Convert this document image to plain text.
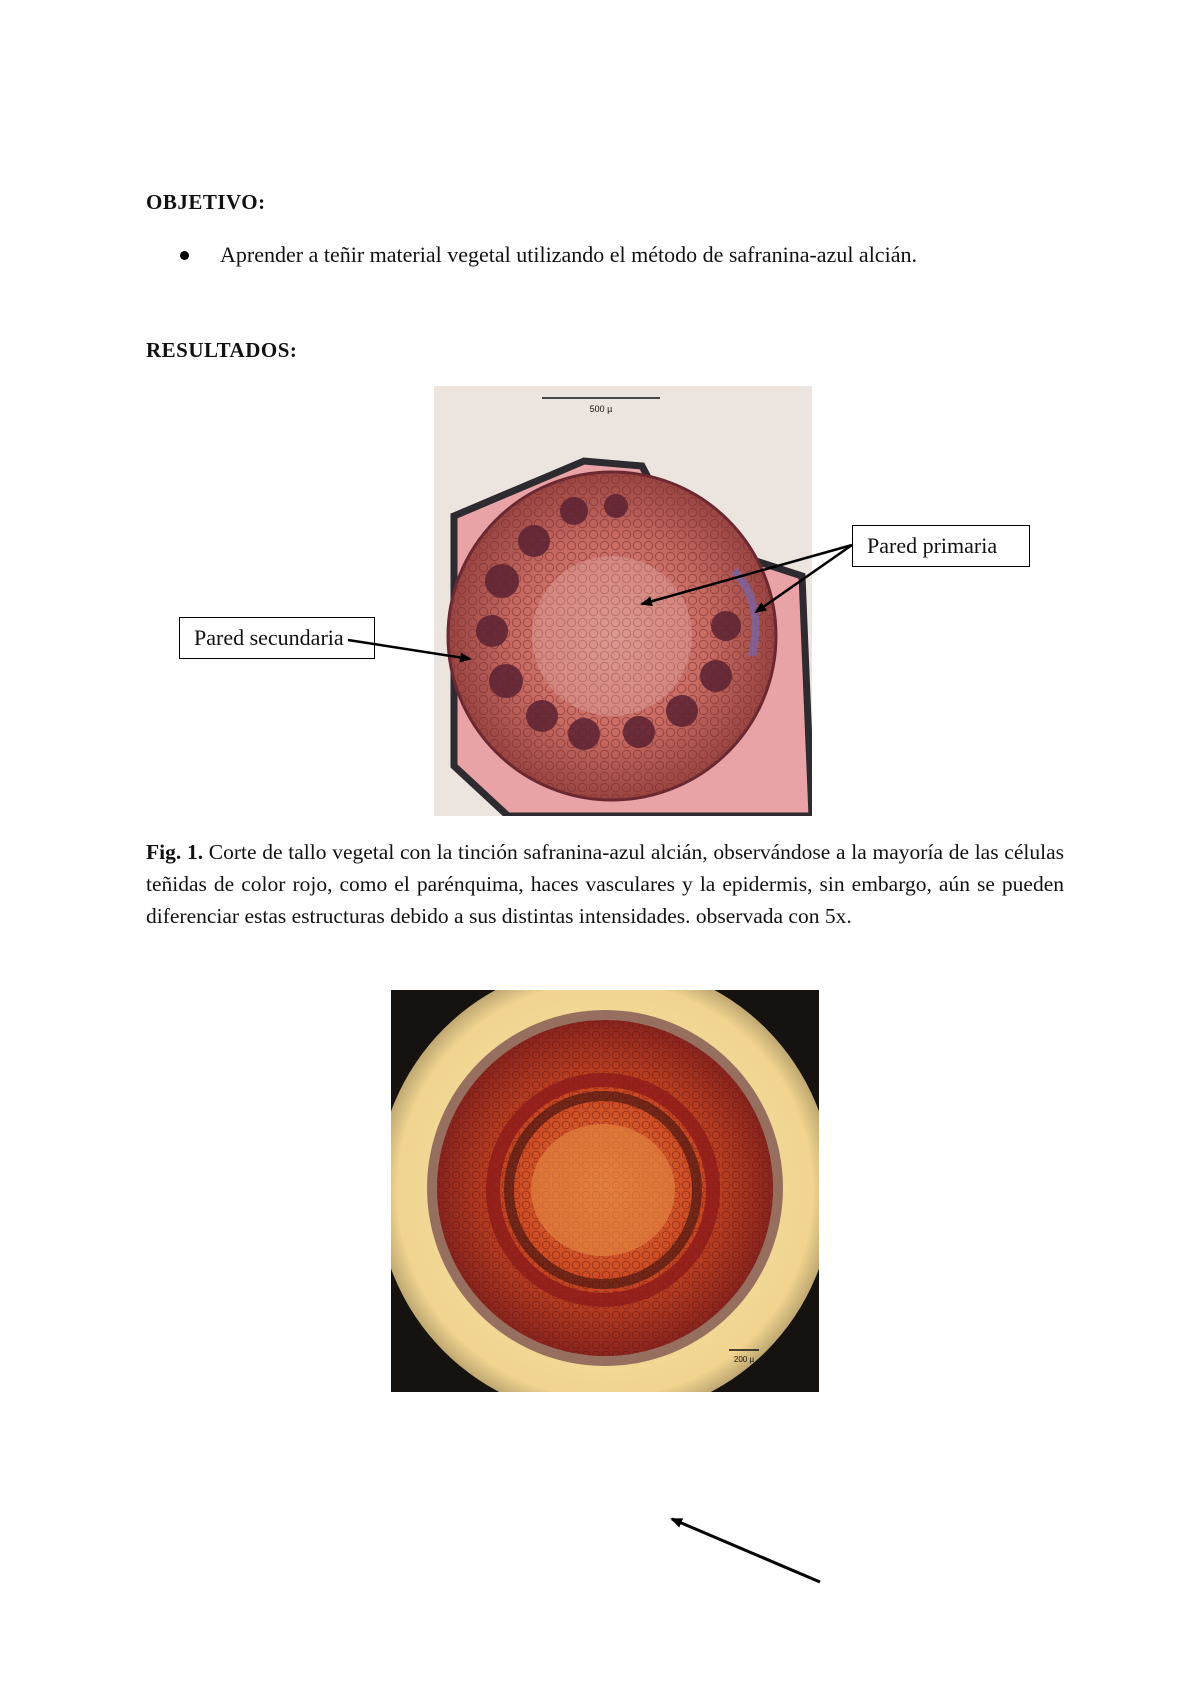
OBJETIVO:
Aprender a teñir material vegetal utilizando el método de safranina-azul alcián.
RESULTADOS:
500 µ
Pared secundaria
Pared primaria
Fig. 1. Corte de tallo vegetal con la tinción safranina-azul alcián, observándose a la mayoría de las células teñidas de color rojo, como el parénquima, haces vasculares y la epidermis, sin embargo, aún se pueden diferenciar estas estructuras debido a sus distintas intensidades. observada con 5x.
200 µ
